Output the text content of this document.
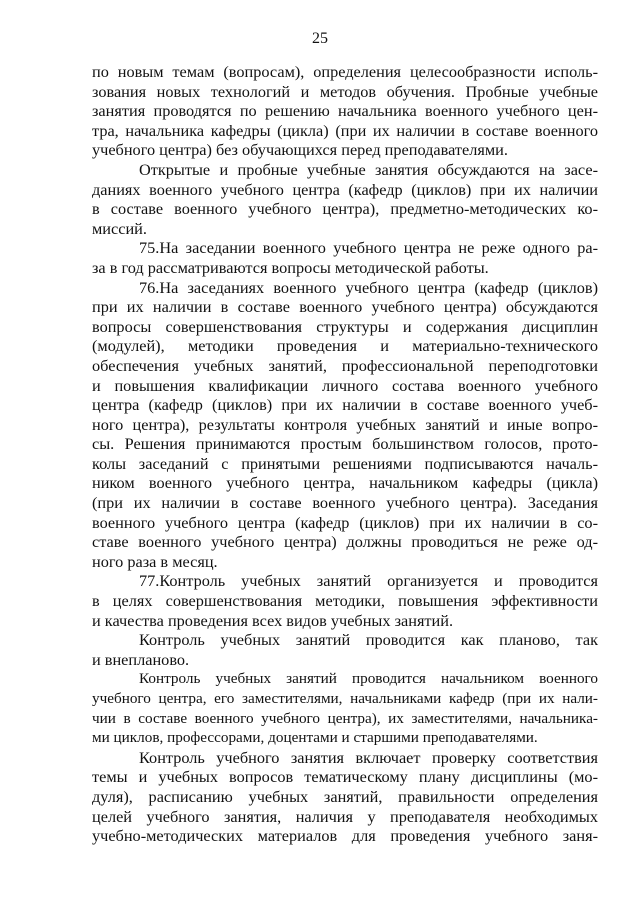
25
по новым темам (вопросам), определения целесообразности исполь-
зования новых технологий и методов обучения. Пробные учебные
занятия проводятся по решению начальника военного учебного цен-
тра, начальника кафедры (цикла) (при их наличии в составе военного
учебного центра) без обучающихся перед преподавателями.
Открытые и пробные учебные занятия обсуждаются на засе-
даниях военного учебного центра (кафедр (циклов) при их наличии
в составе военного учебного центра), предметно-методических ко-
миссий.
75.На заседании военного учебного центра не реже одного ра-
за в год рассматриваются вопросы методической работы.
76.На заседаниях военного учебного центра (кафедр (циклов)
при их наличии в составе военного учебного центра) обсуждаются
вопросы совершенствования структуры и содержания дисциплин
(модулей), методики проведения и материально-технического
обеспечения учебных занятий, профессиональной переподготовки
и повышения квалификации личного состава военного учебного
центра (кафедр (циклов) при их наличии в составе военного учеб-
ного центра), результаты контроля учебных занятий и иные вопро-
сы. Решения принимаются простым большинством голосов, прото-
колы заседаний с принятыми решениями подписываются началь-
ником военного учебного центра, начальником кафедры (цикла)
(при их наличии в составе военного учебного центра). Заседания
военного учебного центра (кафедр (циклов) при их наличии в со-
ставе военного учебного центра) должны проводиться не реже од-
ного раза в месяц.
77.Контроль учебных занятий организуется и проводится
в целях совершенствования методики, повышения эффективности
и качества проведения всех видов учебных занятий.
Контроль учебных занятий проводится как планово, так
и внепланово.
Контроль учебных занятий проводится начальником военного
учебного центра, его заместителями, начальниками кафедр (при их нали-
чии в составе военного учебного центра), их заместителями, начальника-
ми циклов, профессорами, доцентами и старшими преподавателями.
Контроль учебного занятия включает проверку соответствия
темы и учебных вопросов тематическому плану дисциплины (мо-
дуля), расписанию учебных занятий, правильности определения
целей учебного занятия, наличия у преподавателя необходимых
учебно-методических материалов для проведения учебного заня-
